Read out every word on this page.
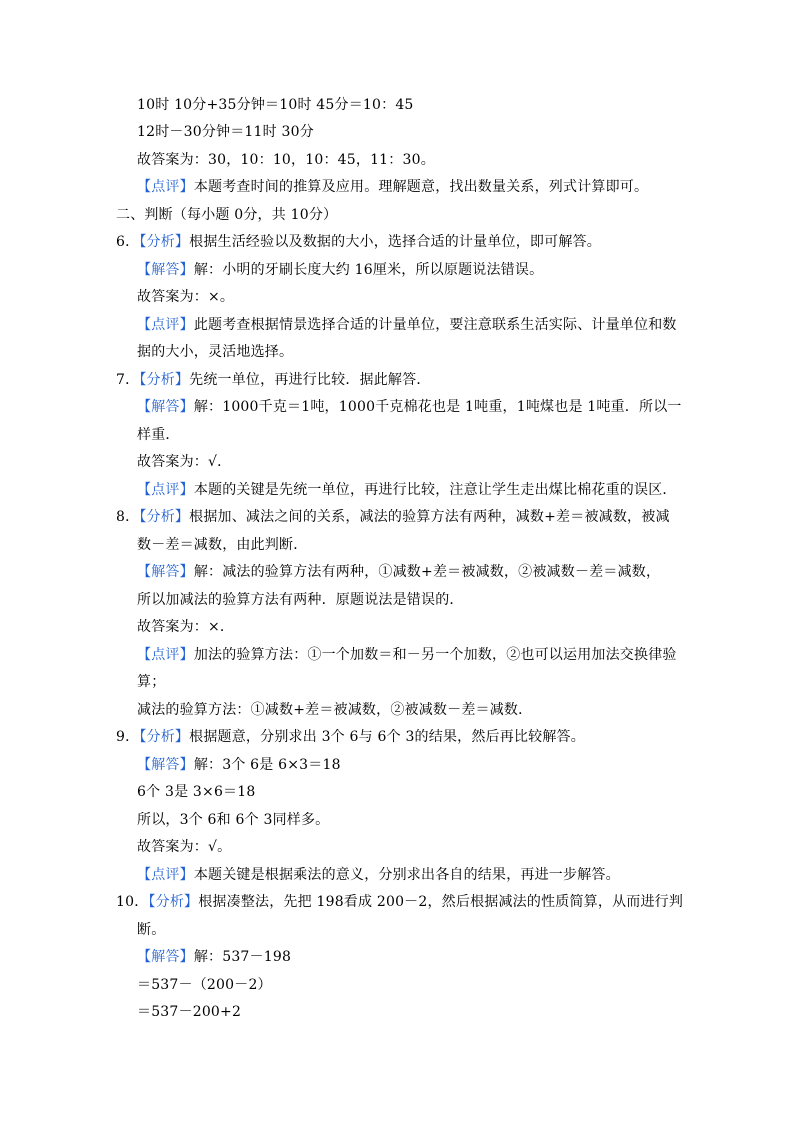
10时 10分+35分钟＝10时 45分＝10：45
12时－30分钟＝11时 30分
故答案为：30，10：10，10：45，11：30。
【点评】本题考查时间的推算及应用。理解题意，找出数量关系，列式计算即可。
二、判断（每小题 0分，共 10分）
6．【分析】根据生活经验以及数据的大小，选择合适的计量单位，即可解答。
【解答】解：小明的牙刷长度大约 16厘米，所以原题说法错误。
故答案为：×。
【点评】此题考查根据情景选择合适的计量单位，要注意联系生活实际、计量单位和数
据的大小，灵活地选择。
7．【分析】先统一单位，再进行比较．据此解答．
【解答】解：1000千克＝1吨，1000千克棉花也是 1吨重，1吨煤也是 1吨重．所以一
样重．
故答案为：√．
【点评】本题的关键是先统一单位，再进行比较，注意让学生走出煤比棉花重的误区．
8．【分析】根据加、减法之间的关系，减法的验算方法有两种，减数+差＝被减数，被减
数－差＝减数，由此判断．
【解答】解：减法的验算方法有两种，①减数+差＝被减数，②被减数－差＝减数，
所以加减法的验算方法有两种．原题说法是错误的．
故答案为：×．
【点评】加法的验算方法：①一个加数＝和－另一个加数，②也可以运用加法交换律验
算；
减法的验算方法：①减数+差＝被减数，②被减数－差＝减数．
9．【分析】根据题意，分别求出 3个 6与 6个 3的结果，然后再比较解答。
【解答】解：3个 6是 6×3＝18
6个 3是 3×6＝18
所以，3个 6和 6个 3同样多。
故答案为：√。
【点评】本题关键是根据乘法的意义，分别求出各自的结果，再进一步解答。
10．【分析】根据凑整法，先把 198看成 200－2，然后根据减法的性质简算，从而进行判
断。
【解答】解：537－198
＝537－（200－2）
＝537－200+2
